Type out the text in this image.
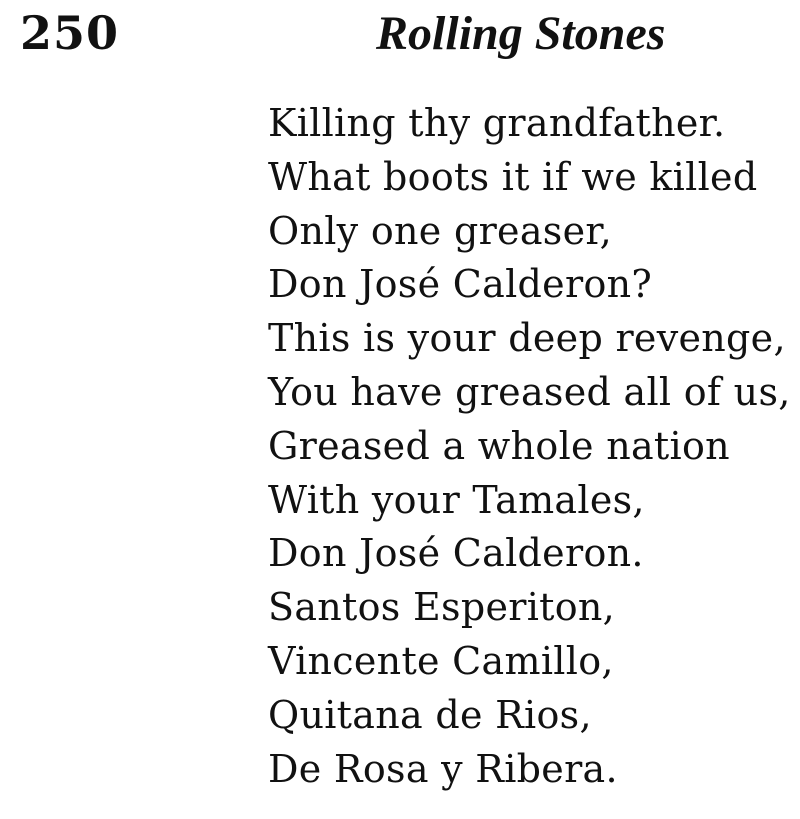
250	Rolling Stones
Killing thy grandfather.
What boots it if we killed
Only one greaser,
Don José Calderon?
This is your deep revenge,
You have greased all of us,
Greased a whole nation
With your Tamales,
Don José Calderon.
Santos Esperiton,
Vincente Camillo,
Quitana de Rios,
De Rosa y Ribera.
